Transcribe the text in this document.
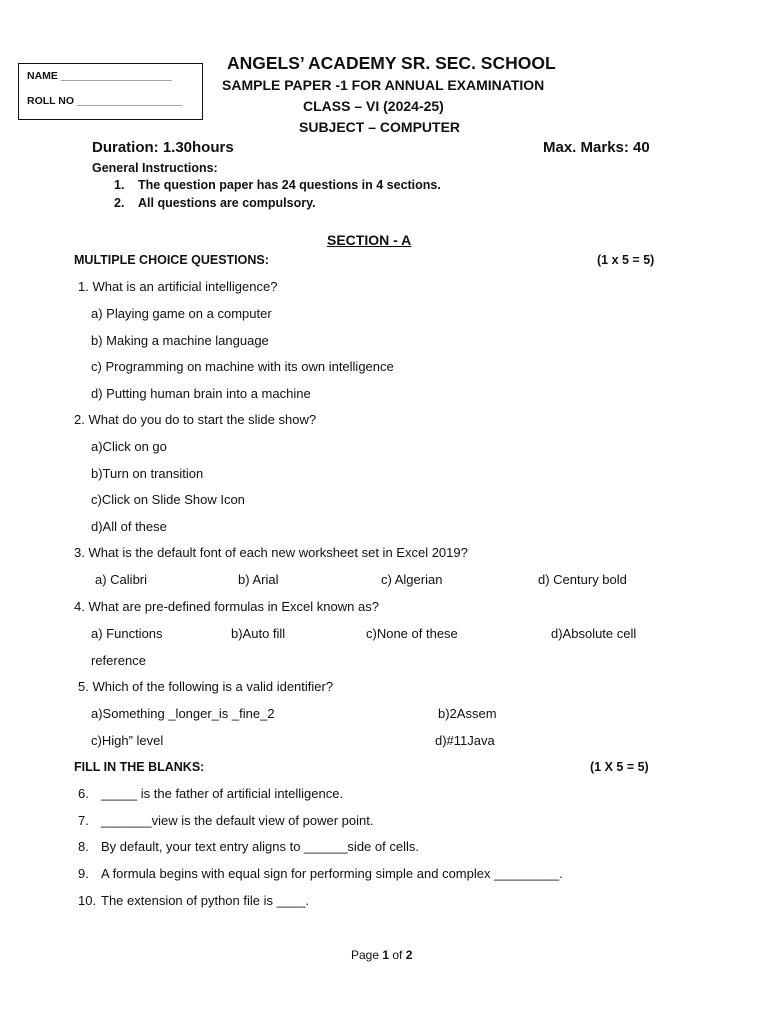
NAME ___________________
ROLL NO __________________
ANGELS’ ACADEMY SR. SEC. SCHOOL
SAMPLE PAPER -1 FOR ANNUAL EXAMINATION
CLASS – VI (2024-25)
SUBJECT – COMPUTER
Duration: 1.30hours	Max. Marks: 40
General Instructions:
1. The question paper has 24 questions in 4 sections.
2. All questions are compulsory.
SECTION - A
MULTIPLE CHOICE QUESTIONS:	(1 x 5 = 5)
1. What is an artificial intelligence?
a) Playing game on a computer
b) Making a machine language
c) Programming on machine with its own intelligence
d) Putting human brain into a machine
2. What do you do to start the slide show?
a)Click on go
b)Turn on transition
c)Click on Slide Show Icon
d)All of these
3. What is the default font of each new worksheet set in Excel 2019?
a) Calibri	b) Arial	c) Algerian	d) Century bold
4. What are pre-defined formulas in Excel known as?
a) Functions	b)Auto fill	c)None of these	d)Absolute cell
reference
5. Which of the following is a valid identifier?
a)Something _longer_is _fine_2	b)2Assem
c)High” level	d)#11Java
FILL IN THE BLANKS:	(1 X 5 = 5)
6. _____ is the father of artificial intelligence.
7. _______view is the default view of power point.
8. By default, your text entry aligns to ______side of cells.
9. A formula begins with equal sign for performing simple and complex _________.
10. The extension of python file is ____.
Page 1 of 2
